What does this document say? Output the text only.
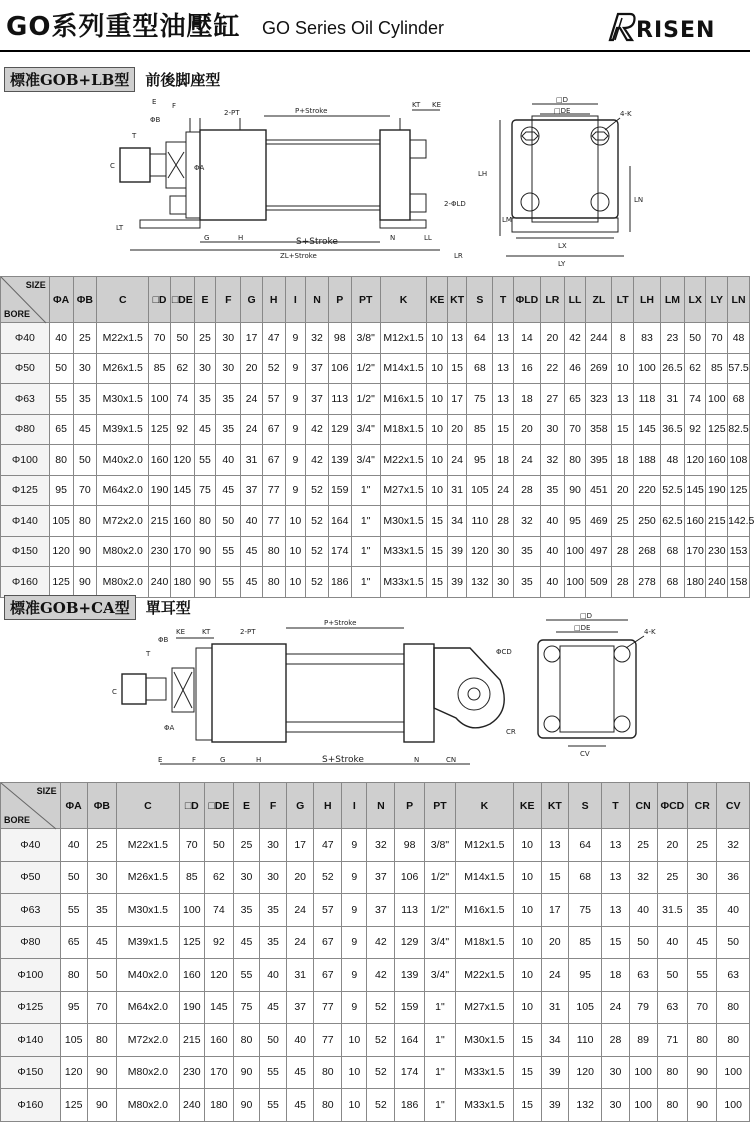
GO系列重型油壓缸 GO Series Oil Cylinder	RISEN
標准GOB+LB型	前後脚座型
P+Stroke
2-PT
KE
KT
E F
ΦB
ΦA
C
T
LT
G	H	S+Stroke	N	LL
ZL+Stroke	LR
2-ΦLD
□D
□DE	4-K
LH
LM
LN
LX
LY
SIZE
BORE	ΦA	ΦB	C	□D	□DE	E	F	G	H	I	N	P	PT	K	KE	KT	S	T	ΦLD	LR	LL	ZL	LT	LH	LM	LX	LY	LN
Φ40	40	25	M22x1.5	70	50	25	30	17	47	9	32	98	3/8"	M12x1.5	10	13	64	13	14	20	42	244	8	83	23	50	70	48
Φ50	50	30	M26x1.5	85	62	30	30	20	52	9	37	106	1/2"	M14x1.5	10	15	68	13	16	22	46	269	10	100	26.5	62	85	57.5
Φ63	55	35	M30x1.5	100	74	35	35	24	57	9	37	113	1/2"	M16x1.5	10	17	75	13	18	27	65	323	13	118	31	74	100	68
Φ80	65	45	M39x1.5	125	92	45	35	24	67	9	42	129	3/4"	M18x1.5	10	20	85	15	20	30	70	358	15	145	36.5	92	125	82.5
Φ100	80	50	M40x2.0	160	120	55	40	31	67	9	42	139	3/4"	M22x1.5	10	24	95	18	24	32	80	395	18	188	48	120	160	108
Φ125	95	70	M64x2.0	190	145	75	45	37	77	9	52	159	1"	M27x1.5	10	31	105	24	28	35	90	451	20	220	52.5	145	190	125
Φ140	105	80	M72x2.0	215	160	80	50	40	77	10	52	164	1"	M30x1.5	15	34	110	28	32	40	95	469	25	250	62.5	160	215	142.5
Φ150	120	90	M80x2.0	230	170	90	55	45	80	10	52	174	1"	M33x1.5	15	39	120	30	35	40	100	497	28	268	68	170	230	153
Φ160	125	90	M80x2.0	240	180	90	55	45	80	10	52	186	1"	M33x1.5	15	39	132	30	35	40	100	509	28	278	68	180	240	158
標准GOB+CA型	單耳型
KE KT	2-PT
P+Stroke
ΦB
T
C
ΦA
ΦCD
CR
E	F	G	H	S+Stroke	N	CN
□D
□DE	4-K
CV
SIZE
BORE	ΦA	ΦB	C	□D	□DE	E	F	G	H	I	N	P	PT	K	KE	KT	S	T	CN	ΦCD	CR	CV
Φ40	40	25	M22x1.5	70	50	25	30	17	47	9	32	98	3/8"	M12x1.5	10	13	64	13	25	20	25	32
Φ50	50	30	M26x1.5	85	62	30	30	20	52	9	37	106	1/2"	M14x1.5	10	15	68	13	32	25	30	36
Φ63	55	35	M30x1.5	100	74	35	35	24	57	9	37	113	1/2"	M16x1.5	10	17	75	13	40	31.5	35	40
Φ80	65	45	M39x1.5	125	92	45	35	24	67	9	42	129	3/4"	M18x1.5	10	20	85	15	50	40	45	50
Φ100	80	50	M40x2.0	160	120	55	40	31	67	9	42	139	3/4"	M22x1.5	10	24	95	18	63	50	55	63
Φ125	95	70	M64x2.0	190	145	75	45	37	77	9	52	159	1"	M27x1.5	10	31	105	24	79	63	70	80
Φ140	105	80	M72x2.0	215	160	80	50	40	77	10	52	164	1"	M30x1.5	15	34	110	28	89	71	80	80
Φ150	120	90	M80x2.0	230	170	90	55	45	80	10	52	174	1"	M33x1.5	15	39	120	30	100	80	90	100
Φ160	125	90	M80x2.0	240	180	90	55	45	80	10	52	186	1"	M33x1.5	15	39	132	30	100	80	90	100
